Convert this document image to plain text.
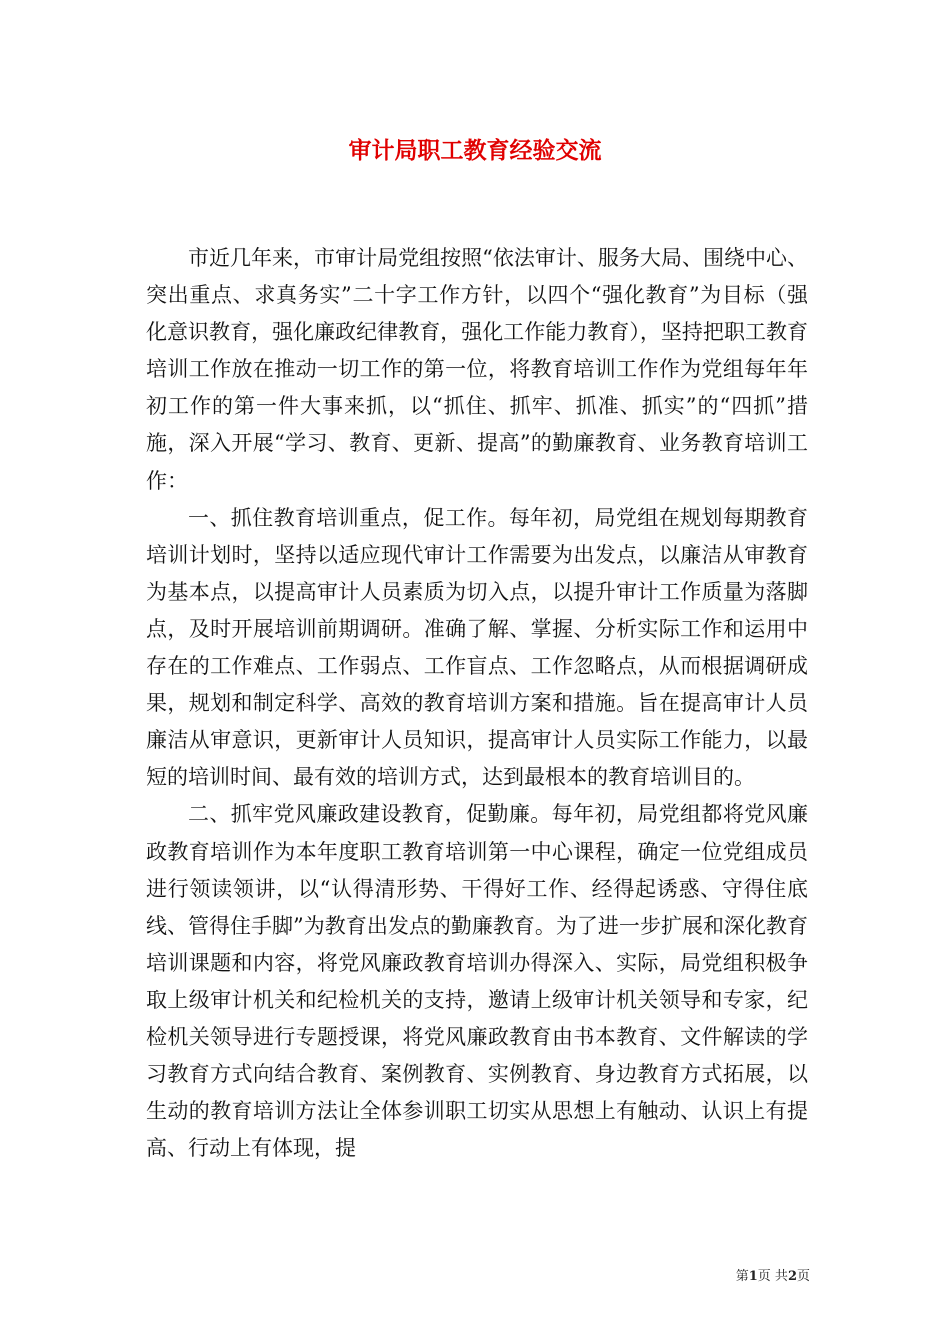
审计局职工教育经验交流

市近几年来，市审计局党组按照“依法审计、服务大局、围绕中心、突出重点、求真务实”二十字工作方针，以四个“强化教育”为目标（强化意识教育，强化廉政纪律教育，强化工作能力教育），坚持把职工教育培训工作放在推动一切工作的第一位，将教育培训工作作为党组每年年初工作的第一件大事来抓，以“抓住、抓牢、抓准、抓实”的“四抓”措施，深入开展“学习、教育、更新、提高”的勤廉教育、业务教育培训工作：

一、抓住教育培训重点，促工作。每年初，局党组在规划每期教育培训计划时，坚持以适应现代审计工作需要为出发点，以廉洁从审教育为基本点，以提高审计人员素质为切入点，以提升审计工作质量为落脚点，及时开展培训前期调研。准确了解、掌握、分析实际工作和运用中存在的工作难点、工作弱点、工作盲点、工作忽略点，从而根据调研成果，规划和制定科学、高效的教育培训方案和措施。旨在提高审计人员廉洁从审意识，更新审计人员知识，提高审计人员实际工作能力，以最短的培训时间、最有效的培训方式，达到最根本的教育培训目的。

二、抓牢党风廉政建设教育，促勤廉。每年初，局党组都将党风廉政教育培训作为本年度职工教育培训第一中心课程，确定一位党组成员进行领读领讲，以“认得清形势、干得好工作、经得起诱惑、守得住底线、管得住手脚”为教育出发点的勤廉教育。为了进一步扩展和深化教育培训课题和内容，将党风廉政教育培训办得深入、实际，局党组积极争取上级审计机关和纪检机关的支持，邀请上级审计机关领导和专家，纪检机关领导进行专题授课，将党风廉政教育由书本教育、文件解读的学习教育方式向结合教育、案例教育、实例教育、身边教育方式拓展，以生动的教育培训方法让全体参训职工切实从思想上有触动、认识上有提高、行动上有体现，提

第1页 共2页
